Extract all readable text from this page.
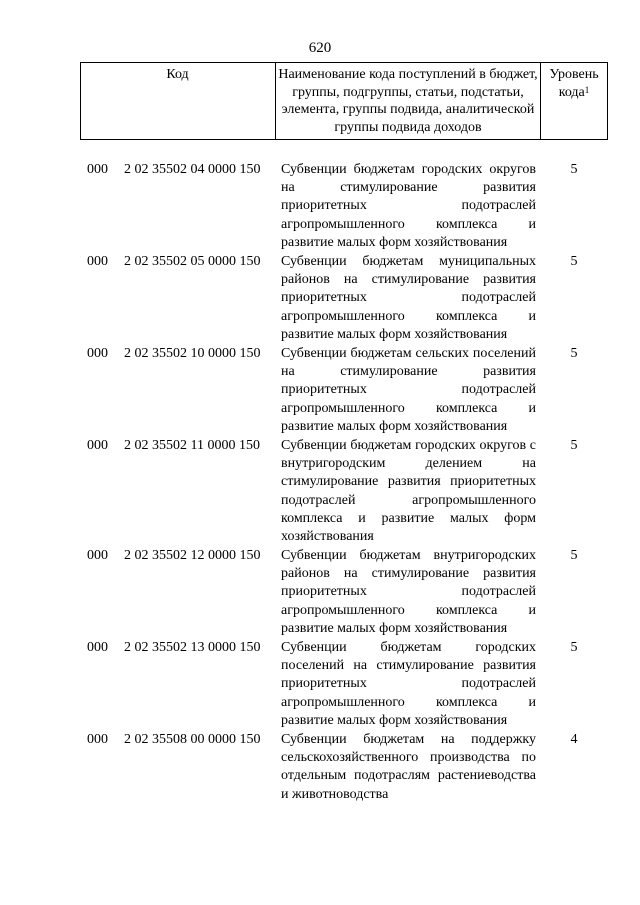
620
Код	Наименование кода поступлений в бюджет, группы, подгруппы, статьи, подстатьи, элемента, группы подвида, аналитической группы подвида доходов
Уровень кода$^1$
000 2 02 35502 04 0000 150 Субвенции бюджетам городских округов на стимулирование развития приоритетных подотраслей агропромышленного комплекса и развитие малых форм хозяйствования
5
000 2 02 35502 05 0000 150 Субвенции бюджетам муниципальных районов на стимулирование развития приоритетных подотраслей агропромышленного комплекса и развитие малых форм хозяйствования
5
000 2 02 35502 10 0000 150 Субвенции бюджетам сельских поселений на стимулирование развития приоритетных подотраслей агропромышленного комплекса и развитие малых форм хозяйствования
5
000 2 02 35502 11 0000 150 Субвенции бюджетам городских округов с внутригородским делением на стимулирование развития приоритетных подотраслей агропромышленного комплекса и развитие малых форм хозяйствования
5
000 2 02 35502 12 0000 150 Субвенции бюджетам внутригородских районов на стимулирование развития приоритетных подотраслей агропромышленного комплекса и развитие малых форм хозяйствования
5
000 2 02 35502 13 0000 150 Субвенции бюджетам городских поселений на стимулирование развития приоритетных подотраслей агропромышленного комплекса и развитие малых форм хозяйствования
5
000 2 02 35508 00 0000 150 Субвенции бюджетам на поддержку сельскохозяйственного производства по отдельным подотраслям растениеводства и животноводства
4
